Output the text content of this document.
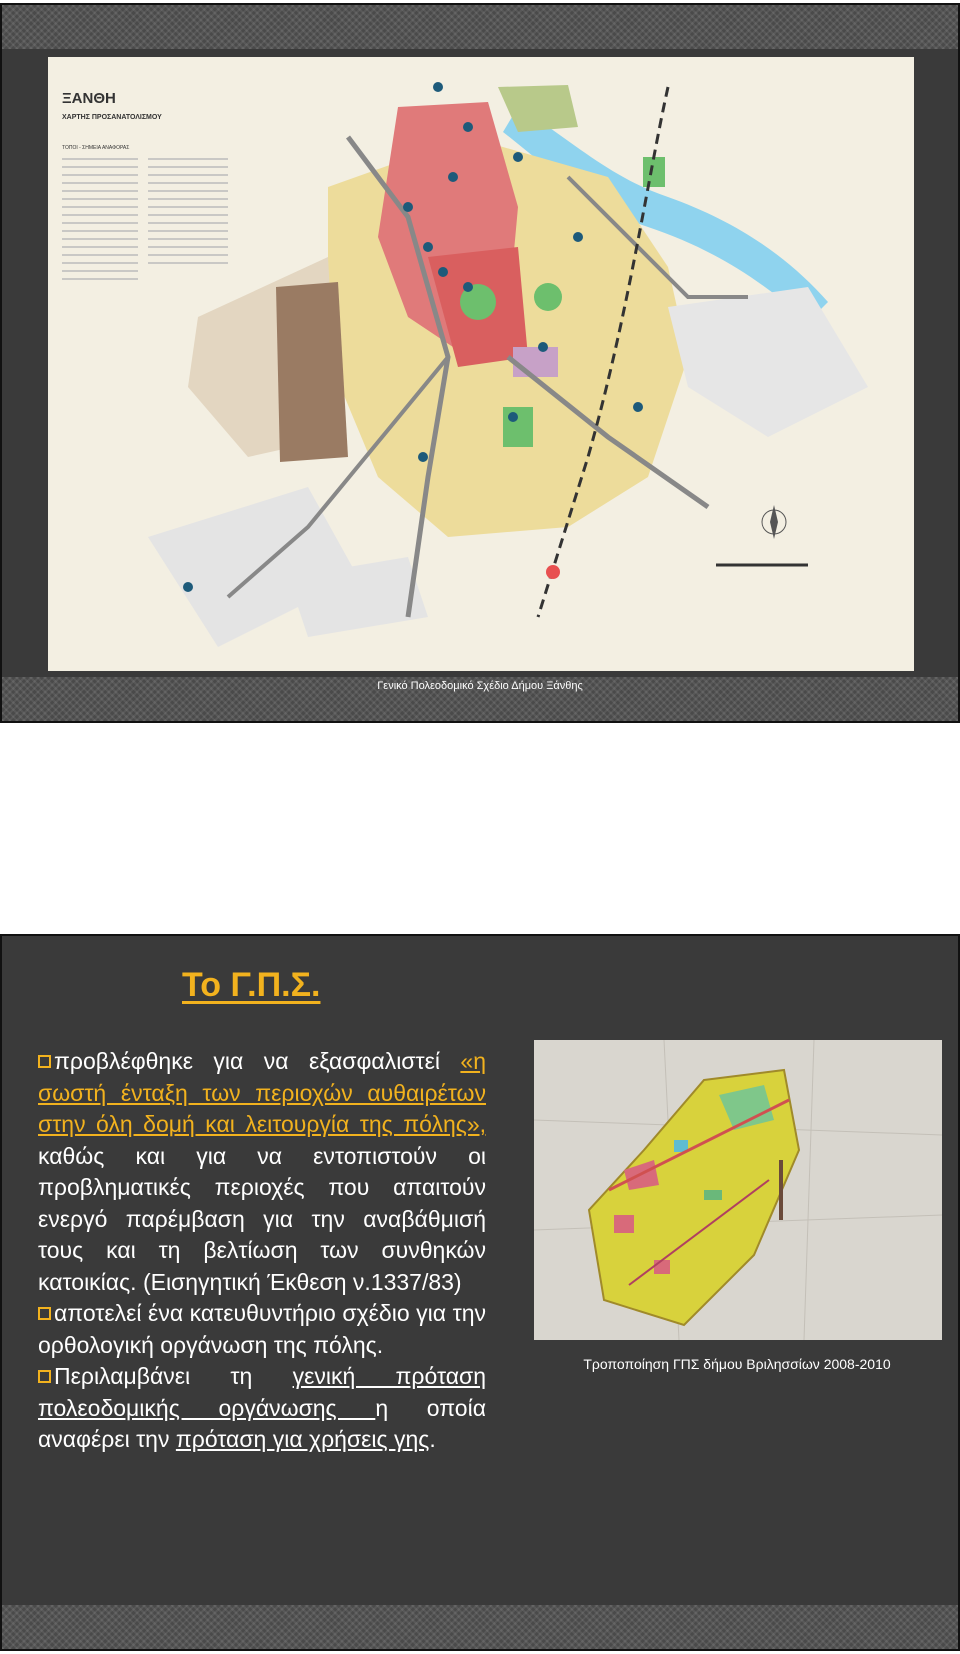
ΞΑΝΘΗ
ΧΑΡΤΗΣ ΠΡΟΣΑΝΑΤΟΛΙΣΜΟΥ
ΤΟΠΟΙ - ΣΗΜΕΙΑ ΑΝΑΦΟΡΑΣ
Γενικό Πολεοδομικό Σχέδιο Δήμου Ξάνθης
Το Γ.Π.Σ.

προβλέφθηκε για να εξασφαλιστεί «η σωστή ένταξη των περιοχών αυθαιρέτων στην όλη δομή και λειτουργία της πόλης», καθώς και για να εντοπιστούν οι προβληματικές περιοχές που απαιτούν ενεργό παρέμβαση για την αναβάθμισή τους και τη βελτίωση των συνθηκών κατοικίας. (Εισηγητική Έκθεση ν.1337/83)

αποτελεί ένα κατευθυντήριο σχέδιο για την ορθολογική οργάνωση της πόλης.

Περιλαμβάνει τη γενική πρόταση πολεοδομικής οργάνωσης η οποία αναφέρει την πρόταση για χρήσεις γης.

Τροποποίηση ΓΠΣ δήμου Βριλησσίων 2008-2010
